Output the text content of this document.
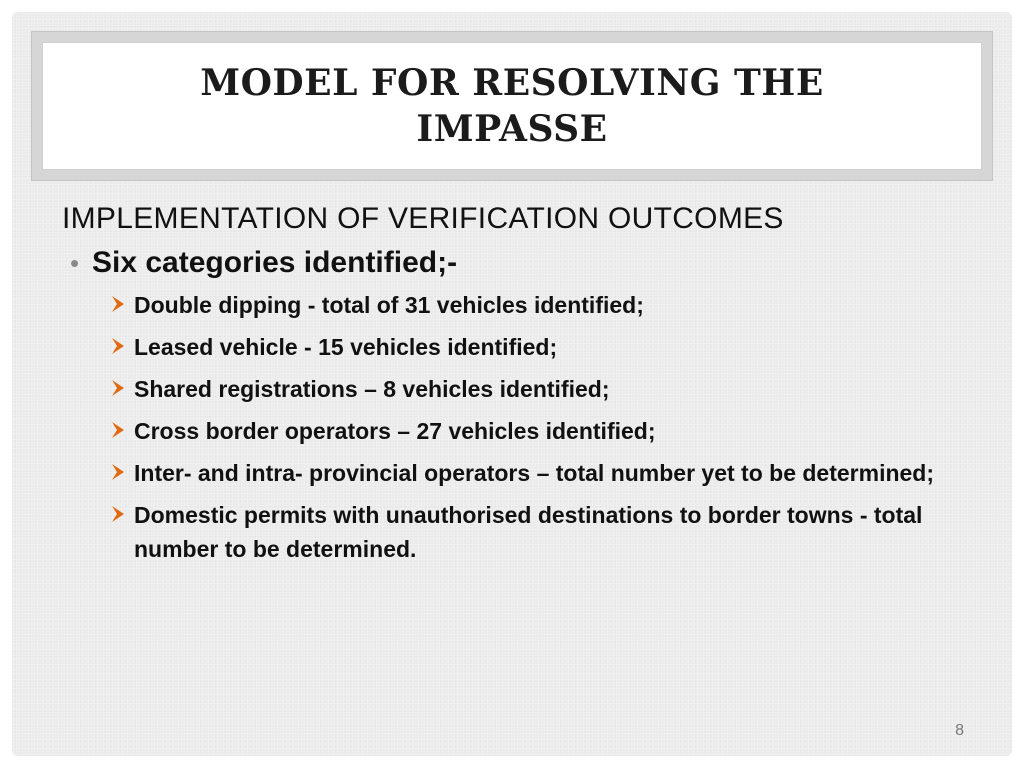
MODEL FOR RESOLVING THE IMPASSE
IMPLEMENTATION OF VERIFICATION OUTCOMES
• Six categories identified;-
Double dipping - total of 31 vehicles identified;
Leased vehicle - 15 vehicles identified;
Shared registrations – 8 vehicles identified;
Cross border operators – 27 vehicles identified;
Inter- and intra- provincial operators – total number yet to be determined;
Domestic permits with unauthorised destinations to border towns - total number to be determined.
8
